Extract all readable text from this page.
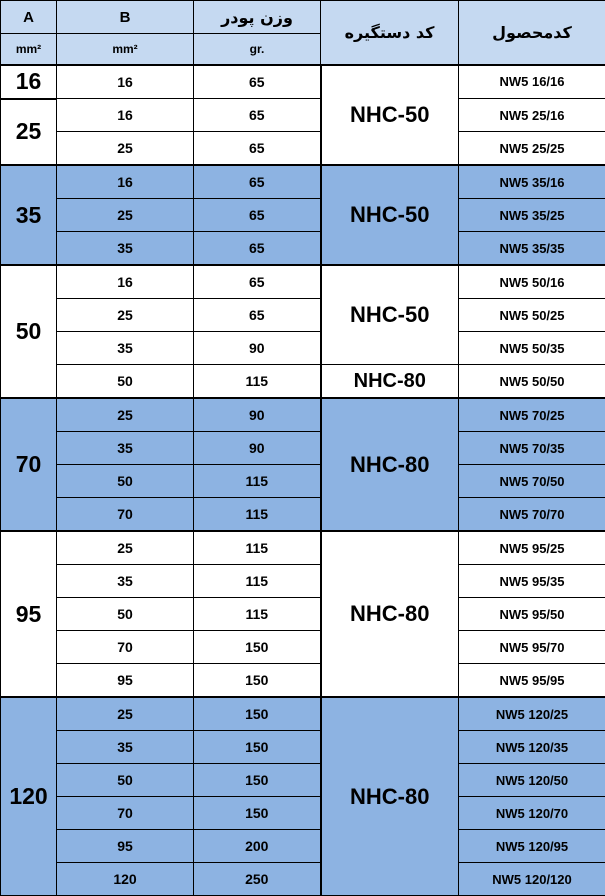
A	B	وزن پودر	کد دستگیره	کدمحصول
mm²	mm²	gr.		
16	16	65	NHC-50	NW5 16/16
25	16	65		NW5 25/16
	25	65		NW5 25/25
35	16	65	NHC-50	NW5 35/16
	25	65		NW5 35/25
	35	65		NW5 35/35
50	16	65	NHC-50	NW5 50/16
	25	65		NW5 50/25
	35	90		NW5 50/35
	50	115	NHC-80	NW5 50/50
70	25	90	NHC-80	NW5 70/25
	35	90		NW5 70/35
	50	115		NW5 70/50
	70	115		NW5 70/70
95	25	115	NHC-80	NW5 95/25
	35	115		NW5 95/35
	50	115		NW5 95/50
	70	150		NW5 95/70
	95	150		NW5 95/95
120	25	150	NHC-80	NW5 120/25
	35	150		NW5 120/35
	50	150		NW5 120/50
	70	150		NW5 120/70
	95	200		NW5 120/95
	120	250		NW5 120/120
